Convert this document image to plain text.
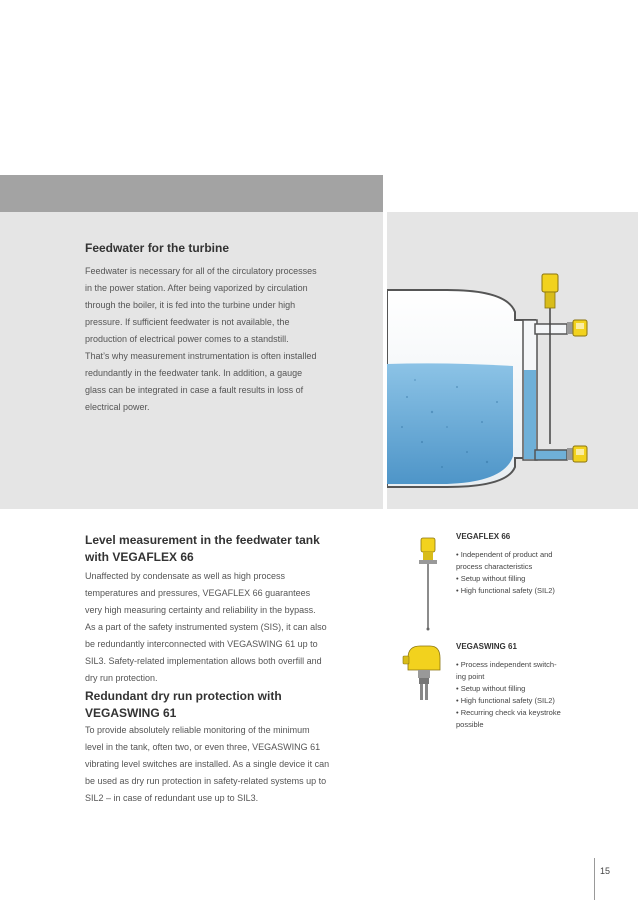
Feedwater for the turbine

Feedwater is necessary for all of the circulatory processes

in the power station. After being vaporized by circulation

through the boiler, it is fed into the turbine under high

pressure. If sufficient feedwater is not available, the

production of electrical power comes to a standstill.

That’s why measurement instrumentation is often installed

redundantly in the feedwater tank. In addition, a gauge

glass can be integrated in case a fault results in loss of

electrical power.

Level measurement in the feedwater tank
with VEGAFLEX 66

Unaffected by condensate as well as high process

temperatures and pressures, VEGAFLEX 66 guarantees

very high measuring certainty and reliability in the bypass.

As a part of the safety instrumented system (SIS), it can also

be redundantly interconnected with VEGASWING 61 up to

SIL3. Safety-related implementation allows both overfill and

dry run protection.

Redundant dry run protection with
VEGASWING 61

To provide absolutely reliable monitoring of the minimum

level in the tank, often two, or even three, VEGASWING 61

vibrating level switches are installed. As a single device it can

be used as dry run protection in safety-related systems up to

SIL2 – in case of redundant use up to SIL3.

VEGAFLEX 66
• Independent of product and
process characteristics
• Setup without filling
• High functional safety (SIL2)
VEGASWING 61
• Process independent switch-
ing point
• Setup without filling
• High functional safety (SIL2)
• Recurring check via keystroke
possible
15
